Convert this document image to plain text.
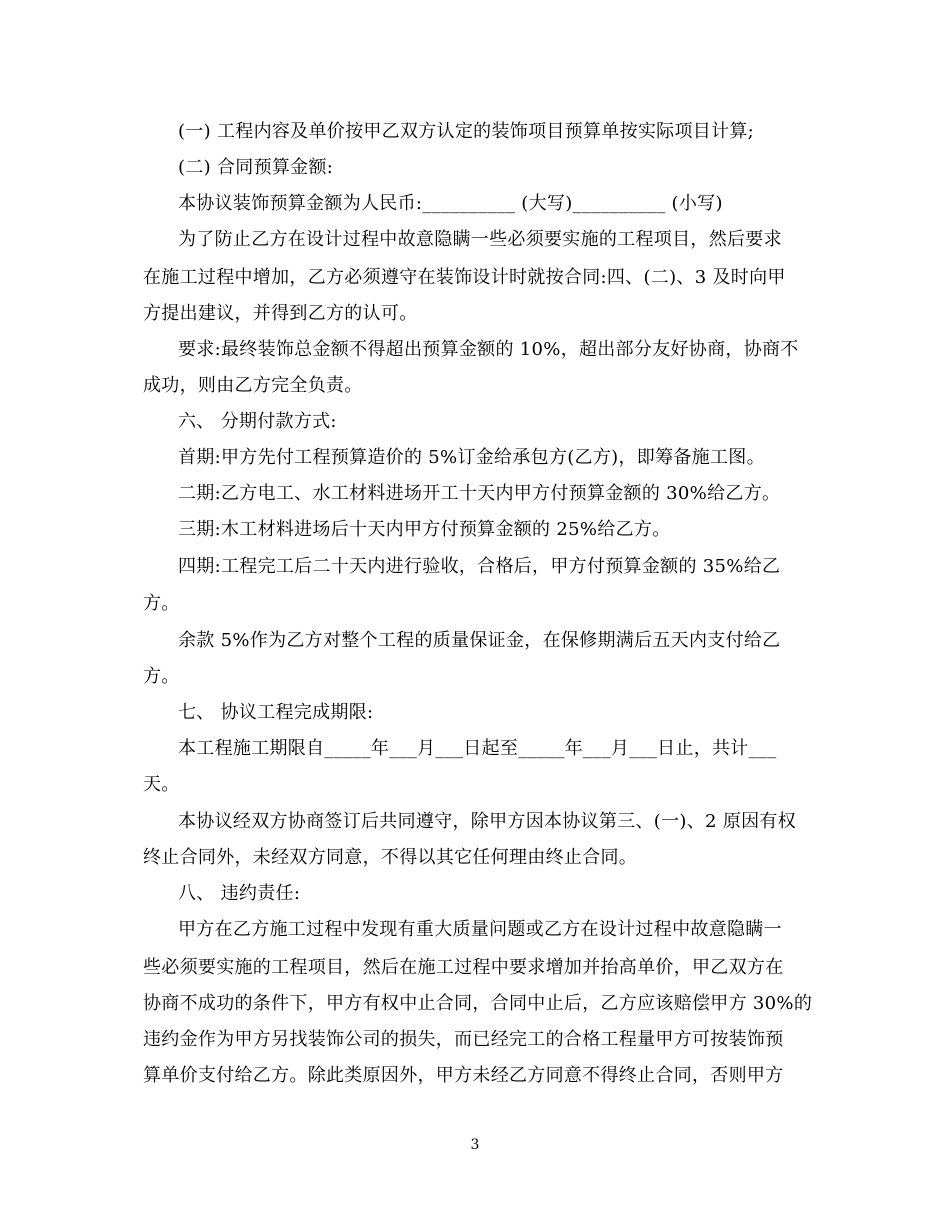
(一) 工程内容及单价按甲乙双方认定的装饰项目预算单按实际项目计算;
(二) 合同预算金额:
本协议装饰预算金额为人民币:__________ (大写)__________ (小写)
为了防止乙方在设计过程中故意隐瞒一些必须要实施的工程项目，然后要求
在施工过程中增加，乙方必须遵守在装饰设计时就按合同:四、(二)、3 及时向甲
方提出建议，并得到乙方的认可。
要求:最终装饰总金额不得超出预算金额的 10%，超出部分友好协商，协商不
成功，则由乙方完全负责。
六、 分期付款方式:
首期:甲方先付工程预算造价的 5%订金给承包方(乙方)，即筹备施工图。
二期:乙方电工、水工材料进场开工十天内甲方付预算金额的 30%给乙方。
三期:木工材料进场后十天内甲方付预算金额的 25%给乙方。
四期:工程完工后二十天内进行验收，合格后，甲方付预算金额的 35%给乙
方。
余款 5%作为乙方对整个工程的质量保证金，在保修期满后五天内支付给乙
方。
七、 协议工程完成期限:
本工程施工期限自_____年___月___日起至_____年___月___日止，共计___
天。
本协议经双方协商签订后共同遵守，除甲方因本协议第三、(一)、2 原因有权
终止合同外，未经双方同意，不得以其它任何理由终止合同。
八、 违约责任:
甲方在乙方施工过程中发现有重大质量问题或乙方在设计过程中故意隐瞒一
些必须要实施的工程项目，然后在施工过程中要求增加并抬高单价，甲乙双方在
协商不成功的条件下，甲方有权中止合同，合同中止后，乙方应该赔偿甲方 30%的
违约金作为甲方另找装饰公司的损失，而已经完工的合格工程量甲方可按装饰预
算单价支付给乙方。除此类原因外，甲方未经乙方同意不得终止合同，否则甲方
3
